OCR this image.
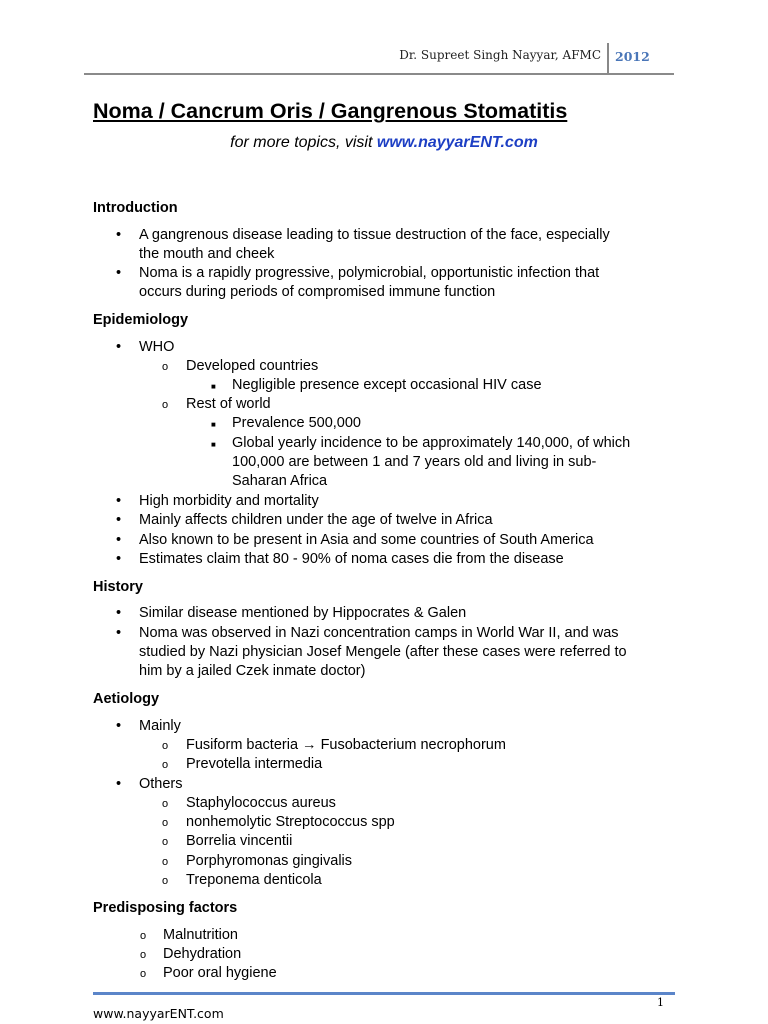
Dr. Supreet Singh Nayyar, AFMC 2012
Noma / Cancrum Oris / Gangrenous Stomatitis
for more topics, visit www.nayyarENT.com
Introduction
• A gangrenous disease leading to tissue destruction of the face, especially
the mouth and cheek
• Noma is a rapidly progressive, polymicrobial, opportunistic infection that
occurs during periods of compromised immune function
Epidemiology
• WHO
o Developed countries
■ Negligible presence except occasional HIV case
o Rest of world
■ Prevalence 500,000
■ Global yearly incidence to be approximately 140,000, of which
100,000 are between 1 and 7 years old and living in sub-
Saharan Africa
• High morbidity and mortality
• Mainly affects children under the age of twelve in Africa
• Also known to be present in Asia and some countries of South America
• Estimates claim that 80 - 90% of noma cases die from the disease
History
• Similar disease mentioned by Hippocrates & Galen
• Noma was observed in Nazi concentration camps in World War II, and was
studied by Nazi physician Josef Mengele (after these cases were referred to
him by a jailed Czek inmate doctor)
Aetiology
• Mainly
o Fusiform bacteria → Fusobacterium necrophorum
o Prevotella intermedia
• Others
o Staphylococcus aureus
o nonhemolytic Streptococcus spp
o Borrelia vincentii
o Porphyromonas gingivalis
o Treponema denticola
Predisposing factors
o Malnutrition
o Dehydration
o Poor oral hygiene
1
www.nayyarENT.com
